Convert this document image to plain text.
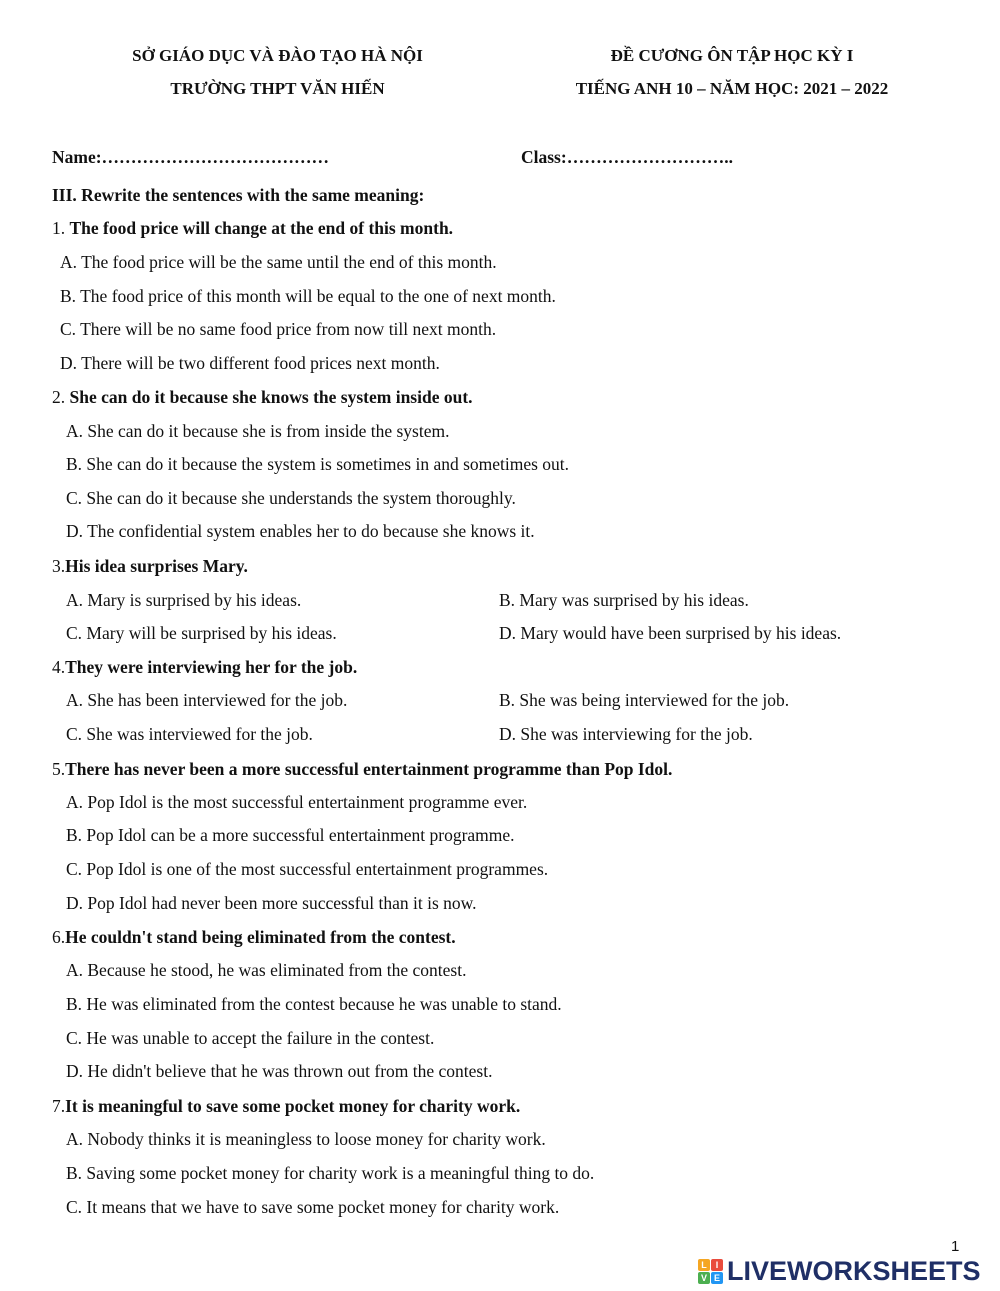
SỞ GIÁO DỤC VÀ ĐÀO TẠO HÀ NỘI
TRƯỜNG THPT VĂN HIẾN
ĐỀ CƯƠNG ÔN TẬP HỌC KỲ I
TIẾNG ANH 10 – NĂM HỌC: 2021 – 2022
Name:…………………………………	Class:………………………..
III. Rewrite the sentences with the same meaning:
1. The food price will change at the end of this month.
A. The food price will be the same until the end of this month.
B. The food price of this month will be equal to the one of next month.
C. There will be no same food price from now till next month.
D. There will be two different food prices next month.
2. She can do it because she knows the system inside out.
A. She can do it because she is from inside the system.
B. She can do it because the system is sometimes in and sometimes out.
C. She can do it because she understands the system thoroughly.
D. The confidential system enables her to do because she knows it.
3.His idea surprises Mary.
A. Mary is surprised by his ideas.	B. Mary was surprised by his ideas.
C. Mary will be surprised by his ideas.	D. Mary would have been surprised by his ideas.
4.They were interviewing her for the job.
A. She has been interviewed for the job.	B. She was being interviewed for the job.
C. She was interviewed for the job.	D. She was interviewing for the job.
5.There has never been a more successful entertainment programme than Pop Idol.
A. Pop Idol is the most successful entertainment programme ever.
B. Pop Idol can be a more successful entertainment programme.
C. Pop Idol is one of the most successful entertainment programmes.
D. Pop Idol had never been more successful than it is now.
6.He couldn't stand being eliminated from the contest.
A. Because he stood, he was eliminated from the contest.
B. He was eliminated from the contest because he was unable to stand.
C. He was unable to accept the failure in the contest.
D. He didn't believe that he was thrown out from the contest.
7.It is meaningful to save some pocket money for charity work.
A. Nobody thinks it is meaningless to loose money for charity work.
B. Saving some pocket money for charity work is a meaningful thing to do.
C. It means that we have to save some pocket money for charity work.
1
L I
V E LIVEWORKSHEETS
